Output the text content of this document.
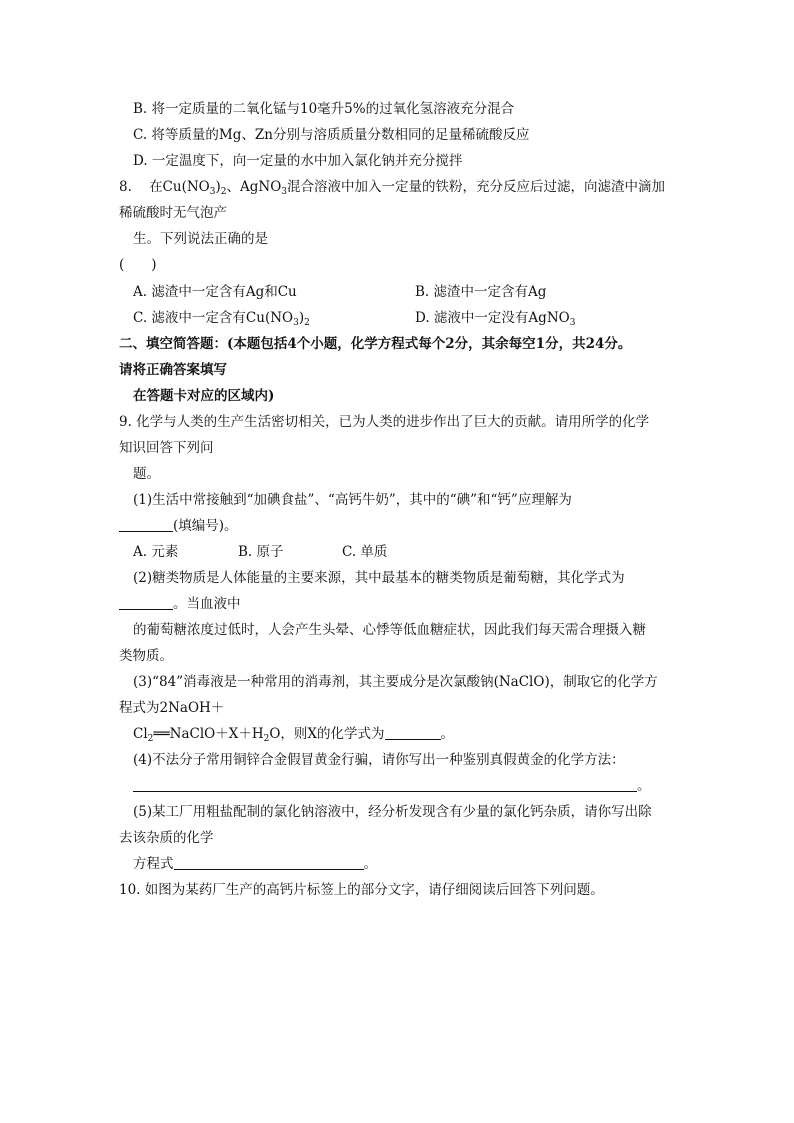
B. 将一定质量的二氧化锰与10毫升5%的过氧化氢溶液充分混合
C. 将等质量的Mg、Zn分别与溶质质量分数相同的足量稀硫酸反应
D. 一定温度下，向一定量的水中加入氯化钠并充分搅拌
8. 在$Cu(NO_3)_2$、AgNO$_3$混合溶液中加入一定量的铁粉，充分反应后过滤，向滤渣中滴加
稀硫酸时无气泡产
生。下列说法正确的是
(　　)
A. 滤渣中一定含有Ag和Cu	B. 滤渣中一定含有Ag
C. 滤液中一定含有$Cu(NO_3)_2$	D. 滤液中一定没有AgNO$_3$
二、填空简答题：(本题包括4个小题，化学方程式每个2分，其余每空1分，共24分。
请将正确答案填写
在答题卡对应的区域内)
9. 化学与人类的生产生活密切相关，已为人类的进步作出了巨大的贡献。请用所学的化学
知识回答下列问
题。
(1)生活中常接触到“加碘食盐”、“高钙牛奶”，其中的“碘”和“钙”应理解为
(填编号)。
A. 元素	B. 原子	C. 单质
(2)糖类物质是人体能量的主要来源，其中最基本的糖类物质是葡萄糖，其化学式为
。当血液中
的葡萄糖浓度过低时，人会产生头晕、心悸等低血糖症状，因此我们每天需合理摄入糖
类物质。
(3)“84”消毒液是一种常用的消毒剂，其主要成分是次氯酸钠(NaClO)，制取它的化学方
程式为2NaOH＋
$Cl_2══NaClO+X+H_2O$，则X的化学式为	。
(4)不法分子常用铜锌合金假冒黄金行骗，请你写出一种鉴别真假黄金的化学方法：
。
(5)某工厂用粗盐配制的氯化钠溶液中，经分析发现含有少量的氯化钙杂质，请你写出除
去该杂质的化学
方程式	。
10. 如图为某药厂生产的高钙片标签上的部分文字，请仔细阅读后回答下列问题。
